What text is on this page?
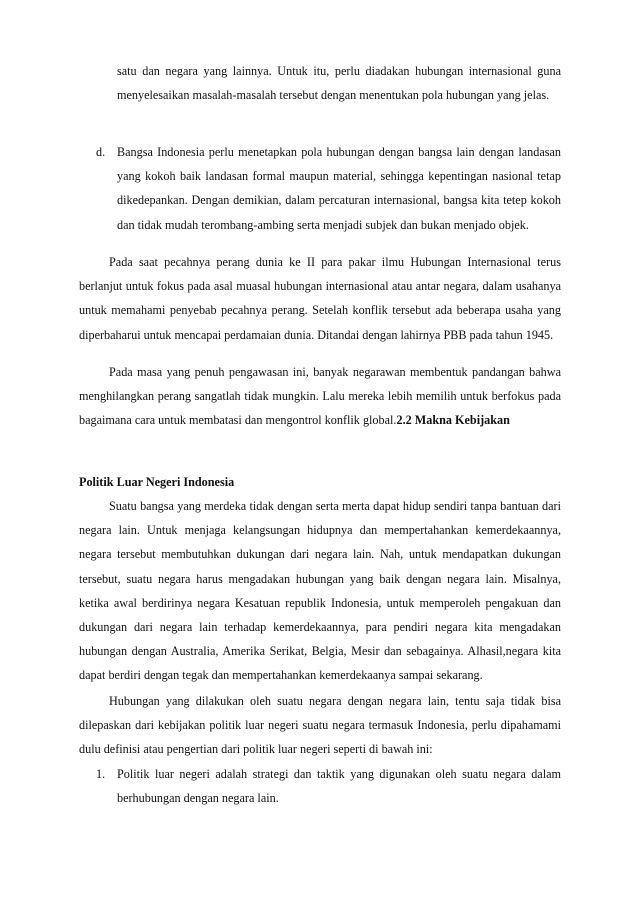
satu dan negara yang lainnya. Untuk itu, perlu diadakan hubungan internasional guna menyelesaikan masalah-masalah tersebut dengan menentukan pola hubungan yang jelas.
d. Bangsa Indonesia perlu menetapkan pola hubungan dengan bangsa lain dengan landasan yang kokoh baik landasan formal maupun material, sehingga kepentingan nasional tetap dikedepankan. Dengan demikian, dalam percaturan internasional, bangsa kita tetep kokoh dan tidak mudah terombang-ambing serta menjadi subjek dan bukan menjado objek.
Pada saat pecahnya perang dunia ke II para pakar ilmu Hubungan Internasional terus berlanjut untuk fokus pada asal muasal hubungan internasional atau antar negara, dalam usahanya untuk memahami penyebab pecahnya perang. Setelah konflik tersebut ada beberapa usaha yang diperbaharui untuk mencapai perdamaian dunia. Ditandai dengan lahirnya PBB pada tahun 1945.
Pada masa yang penuh pengawasan ini, banyak negarawan membentuk pandangan bahwa menghilangkan perang sangatlah tidak mungkin. Lalu mereka lebih memilih untuk berfokus pada bagaimana cara untuk membatasi dan mengontrol konflik global.2.2 Makna Kebijakan
Politik Luar Negeri Indonesia
Suatu bangsa yang merdeka tidak dengan serta merta dapat hidup sendiri tanpa bantuan dari negara lain. Untuk menjaga kelangsungan hidupnya dan mempertahankan kemerdekaannya, negara tersebut membutuhkan dukungan dari negara lain. Nah, untuk mendapatkan dukungan tersebut, suatu negara harus mengadakan hubungan yang baik dengan negara lain. Misalnya, ketika awal berdirinya negara Kesatuan republik Indonesia, untuk memperoleh pengakuan dan dukungan dari negara lain terhadap kemerdekaannya, para pendiri negara kita mengadakan hubungan dengan Australia, Amerika Serikat, Belgia, Mesir dan sebagainya. Alhasil,negara kita dapat berdiri dengan tegak dan mempertahankan kemerdekaanya sampai sekarang.
Hubungan yang dilakukan oleh suatu negara dengan negara lain, tentu saja tidak bisa dilepaskan dari kebijakan politik luar negeri suatu negara termasuk Indonesia, perlu dipahamami dulu definisi atau pengertian dari politik luar negeri seperti di bawah ini:
1. Politik luar negeri adalah strategi dan taktik yang digunakan oleh suatu negara dalam berhubungan dengan negara lain.
